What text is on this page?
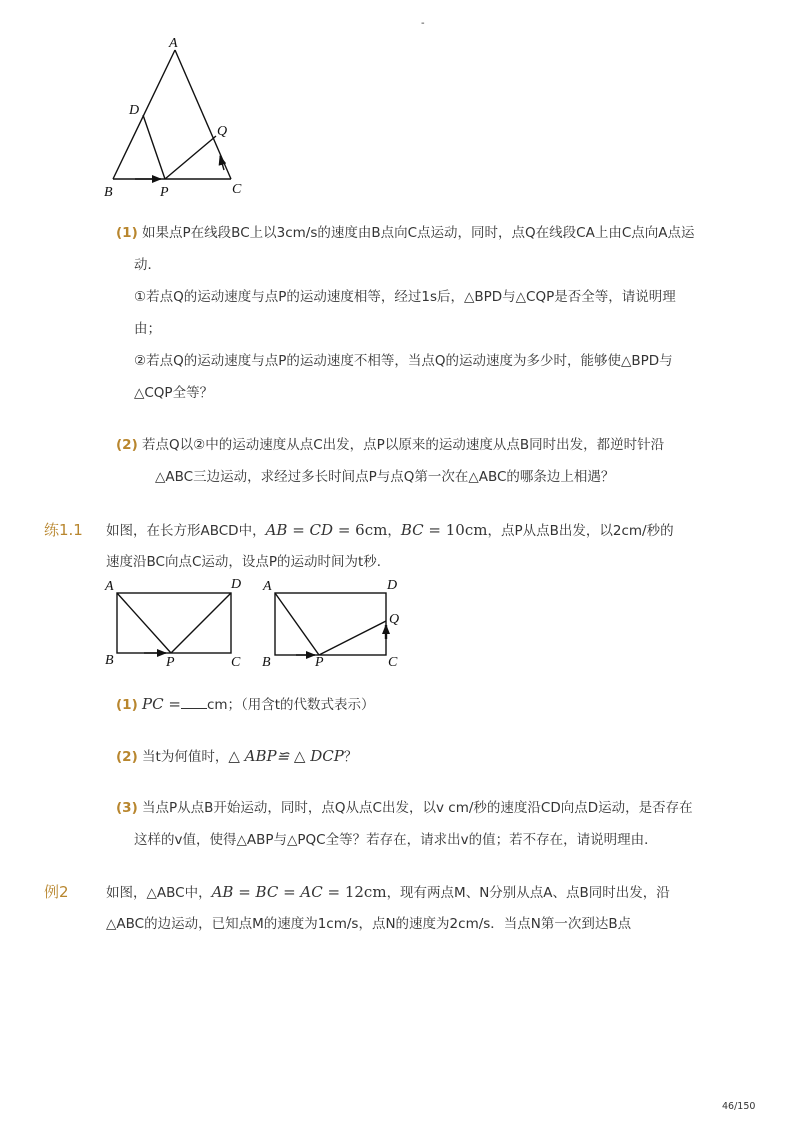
-
A
D
Q
B	P	C
(1) 如果点P在线段BC上以3cm/s的速度由B点向C点运动，同时，点Q在线段CA上由C点向A点运
动．
①若点Q的运动速度与点P的运动速度相等，经过1s后，△BPD与△CQP是否全等，请说明理
由；
②若点Q的运动速度与点P的运动速度不相等，当点Q的运动速度为多少时，能够使△BPD与
△CQP全等？
(2) 若点Q以②中的运动速度从点C出发，点P以原来的运动速度从点B同时出发，都逆时针沿
△ABC三边运动，求经过多长时间点P与点Q第一次在△ABC的哪条边上相遇？
练1.1 如图，在长方形ABCD中，AB = CD = 6cm，BC = 10cm，点P从点B出发，以2cm/秒的
速度沿BC向点C运动，设点P的运动时间为t秒．
A	D
B	P	C
A	D
Q
B	P	C
(1) PC = cm；（用含t的代数式表示）
(2) 当t为何值时，△ ABP≌ △ DCP？
(3) 当点P从点B开始运动，同时，点Q从点C出发，以v cm/秒的速度沿CD向点D运动，是否存在
这样的v值，使得△ABP与△PQC全等？若存在，请求出v的值；若不存在，请说明理由．
例2	如图，△ABC中，AB = BC = AC = 12cm，现有两点M、N分别从点A、点B同时出发，沿
△ABC的边运动，已知点M的速度为1cm/s，点N的速度为2cm/s．当点N第一次到达B点
46/150
